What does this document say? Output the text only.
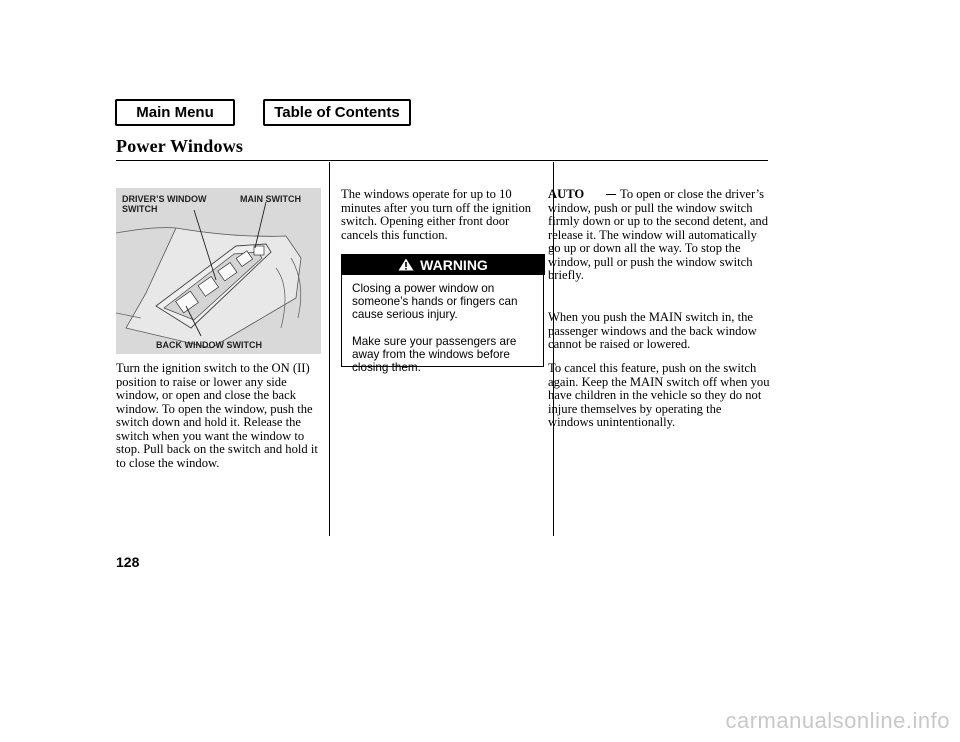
Main Menu	Table of Contents
Power Windows
DRIVER’S WINDOW
SWITCH
MAIN SWITCH
BACK WINDOW SWITCH
Turn the ignition switch to the ON (II) position to raise or lower any side window, or open and close the back window. To open the window, push the switch down and hold it. Release the switch when you want the window to stop. Pull back on the switch and hold it to close the window.
The windows operate for up to 10 minutes after you turn off the ignition switch. Opening either front door cancels this function.
WARNING
Closing a power window on someone’s hands or fingers can cause serious injury.
Make sure your passengers are away from the windows before closing them.
To open or close the driver’s window, push or pull the window switch firmly down or up to the second detent, and release it. The window will automatically go up or down all the way. To stop the window, pull or push the window switch briefly.
AUTO
When you push the MAIN switch in, the passenger windows and the back window cannot be raised or lowered.
To cancel this feature, push on the switch again. Keep the MAIN switch off when you have children in the vehicle so they do not injure themselves by operating the windows unintentionally.
128
carmanualsonline.info
